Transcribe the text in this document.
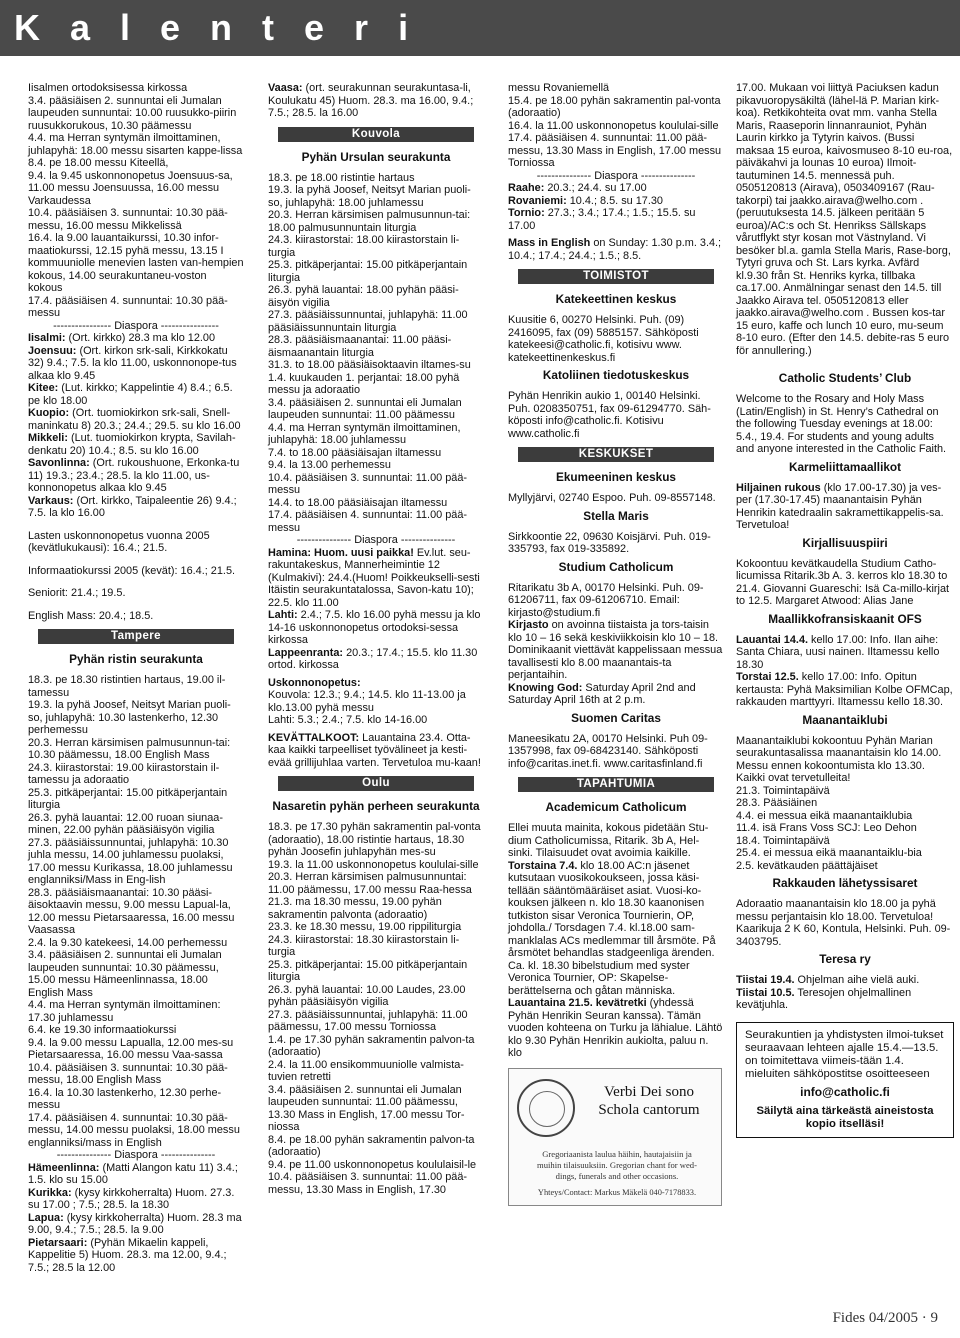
K a l e n t e r i

Iisalmen ortodoksisessa kirkossa

3.4. pääsiäisen 2. sunnuntai eli Jumalan laupeuden sunnuntai: 10.00 ruusukko-piirin ruusukkorukous, 10.30 päämessu

4.4. ma Herran syntymän ilmoittaminen, juhlapyhä: 18.00 messu sisarten kappe-lissa

8.4. pe 18.00 messu Kiteellä,

9.4. la 9.45 uskonnonopetus Joensuus-sa, 11.00 messu Joensuussa, 16.00 messu Varkaudessa

10.4. pääsiäisen 3. sunnuntai: 10.30 pää-messu, 16.00 messu Mikkelissä

16.4. la 9.00 lauantaikurssi, 10.30 infor-maatiokurssi, 12.15 pyhä messu, 13.15 I kommuuniolle menevien lasten van-hempien kokous, 14.00 seurakuntaneu-voston kokous

17.4. pääsiäisen 4. sunnuntai: 10.30 pää-messu

---------------- Diaspora ----------------

Iisalmi: (Ort. kirkko) 28.3 ma klo 12.00

Joensuu: (Ort. kirkon srk-sali, Kirkkokatu 32) 9.4.; 7.5. la klo 11.00, uskonnonope-tus alkaa klo 9.45

Kitee: (Lut. kirkko; Kappelintie 4) 8.4.; 6.5. pe klo 18.00

Kuopio: (Ort. tuomiokirkon srk-sali, Snell-maninkatu 8) 20.3.; 24.4.; 29.5. su klo 16.00

Mikkeli: (Lut. tuomiokirkon krypta, Savilah-denkatu 20) 10.4.; 8.5. su klo 16.00

Savonlinna: (Ort. rukoushuone, Erkonka-tu 11) 19.3.; 23.4.; 28.5. la klo 11.00, us-konnonopetus alkaa klo 9.45

Varkaus: (Ort. kirkko, Taipaleentie 26) 9.4.; 7.5. la klo 16.00

Lasten uskonnonopetus vuonna 2005 (kevätlukukausi): 16.4.; 21.5.

Informaatiokurssi 2005 (kevät): 16.4.; 21.5.

Seniorit: 21.4.; 19.5.

English Mass: 20.4.; 18.5.

Tampere
Pyhän ristin seurakunta

18.3. pe 18.30 ristintien hartaus, 19.00 il-tamessu

19.3. la pyhä Joosef, Neitsyt Marian puoli-so, juhlapyhä: 10.30 lastenkerho, 12.30 perhemessu

20.3. Herran kärsimisen palmusunnun-tai: 10.30 päämessu, 18.00 English Mass

24.3. kiirastorstai: 19.00 kiirastorstain il-tamessu ja adoraatio

25.3. pitkäperjantai: 15.00 pitkäperjantain liturgia

26.3. pyhä lauantai: 12.00 ruoan siunaa-minen, 22.00 pyhän pääsiäisyön vigilia

27.3. pääsiäissunnuntai, juhlapyhä: 10.30 juhla messu, 14.00 juhlamessu puolaksi, 17.00 messu Kurikassa, 18.00 juhlamessu englanniksi/Mass in Eng-lish

28.3. pääsiäismaanantai: 10.30 pääsi-äisoktaavin messu, 9.00 messu Lapual-la, 12.00 messu Pietarsaaressa, 16.00 messu Vaasassa

2.4. la 9.30 katekeesi, 14.00 perhemessu

3.4. pääsiäisen 2. sunnuntai eli Jumalan laupeuden sunnuntai: 10.30 päämessu, 15.00 messu Hämeenlinnassa, 18.00 English Mass

4.4. ma Herran syntymän ilmoittaminen: 17.30 juhlamessu

6.4. ke 19.30 informaatiokurssi

9.4. la 9.00 messu Lapualla, 12.00 mes-su Pietarsaaressa, 16.00 messu Vaa-sassa

10.4. pääsiäisen 3. sunnuntai: 10.30 pää-messu, 18.00 English Mass

16.4. la 10.30 lastenkerho, 12.30 perhe-messu

17.4. pääsiäisen 4. sunnuntai: 10.30 pää-messu, 14.00 messu puolaksi, 18.00 messu englanniksi/mass in English

--------------- Diaspora ---------------

Hämeenlinna: (Matti Alangon katu 11) 3.4.; 1.5. klo su 15.00

Kurikka: (kysy kirkkoherralta) Huom. 27.3. su 17.00 ; 7.5.; 28.5. la 18.30

Lapua: (kysy kirkkoherralta) Huom. 28.3 ma 9.00, 9.4.; 7.5.; 28.5. la 9.00

Pietarsaari: (Pyhän Mikaelin kappeli, Kappelitie 5) Huom. 28.3. ma 12.00, 9.4.; 7.5.; 28.5 la 12.00

Vaasa: (ort. seurakunnan seurakuntasa-li, Koulukatu 45) Huom. 28.3. ma 16.00, 9.4.; 7.5.; 28.5. la 16.00

Kouvola
Pyhän Ursulan seurakunta

18.3. pe 18.00 ristintie hartaus

19.3. la pyhä Joosef, Neitsyt Marian puoli-so, juhlapyhä: 18.00 juhlamessu

20.3. Herran kärsimisen palmusunnun-tai: 18.00 palmusunnuntain liturgia

24.3. kiirastorstai: 18.00 kiirastorstain li-turgia

25.3. pitkäperjantai: 15.00 pitkäperjantain liturgia

26.3. pyhä lauantai: 18.00 pyhän pääsi-äisyön vigilia

27.3. pääsiäissunnuntai, juhlapyhä: 11.00 pääsiäissunnuntain liturgia

28.3. pääsiäismaanantai: 11.00 pääsi-äismaanantain liturgia

31.3. to 18.00 pääsiäisoktaavin iltames-su

1.4. kuukauden 1. perjantai: 18.00 pyhä messu ja adoraatio

3.4. pääsiäisen 2. sunnuntai eli Jumalan laupeuden sunnuntai: 11.00 päämessu

4.4. ma Herran syntymän ilmoittaminen, juhlapyhä: 18.00 juhlamessu

7.4. to 18.00 pääsiäisajan iltamessu

9.4. la 13.00 perhemessu

10.4. pääsiäisen 3. sunnuntai: 11.00 pää-messu

14.4. to 18.00 pääsiäisajan iltamessu

17.4. pääsiäisen 4. sunnuntai: 11.00 pää-messu

--------------- Diaspora ---------------

Hamina: Huom. uusi paikka! Ev.lut. seu-rakuntakeskus, Mannerheimintie 12 (Kulmakivi): 24.4.(Huom! Poikkeukselli-sesti Itäistin seurakuntatalossa, Savon-katu 10); 22.5. klo 11.00

Lahti: 2.4.; 7.5. klo 16.00 pyhä messu ja klo 14-16 uskonnonopetus ortodoksi-sessa kirkossa

Lappeenranta: 20.3.; 17.4.; 15.5. klo 11.30 ortod. kirkossa

Uskonnonopetus:

Kouvola: 12.3.; 9.4.; 14.5. klo 11-13.00 ja klo.13.00 pyhä messu

Lahti: 5.3.; 2.4.; 7.5. klo 14-16.00

KEVÄTTALKOOT: Lauantaina 23.4. Otta-kaa kaikki tarpeelliset työvälineet ja kesti-evää grillijuhlaa varten. Tervetuloa mu-kaan!

Oulu
Nasaretin pyhän perheen seurakunta

18.3. pe 17.30 pyhän sakramentin pal-vonta (adoraatio), 18.00 ristintie hartaus, 18.30 pyhän Joosefin juhlapyhän mes-su

19.3. la 11.00 uskonnonopetus koululai-sille

20.3. Herran kärsimisen palmusunnuntai: 11.00 päämessu, 17.00 messu Raa-hessa

21.3. ma 18.30 messu, 19.00 pyhän sakramentin palvonta (adoraatio)

23.3. ke 18.30 messu, 19.00 rippiliturgia

24.3. kiirastorstai: 18.30 kiirastorstain li-turgia

25.3. pitkäperjantai: 15.00 pitkäperjantain liturgia

26.3. pyhä lauantai: 10.00 Laudes, 23.00 pyhän pääsiäisyön vigilia

27.3. pääsiäissunnuntai, juhlapyhä: 11.00 päämessu, 17.00 messu Torniossa

1.4. pe 17.30 pyhän sakramentin palvon-ta (adoraatio)

2.4. la 11.00 ensikommuuniolle valmista-tuvien retretti

3.4. pääsiäisen 2. sunnuntai eli Jumalan laupeuden sunnuntai: 11.00 päämessu, 13.30 Mass in English, 17.00 messu Tor-niossa

8.4. pe 18.00 pyhän sakramentin palvon-ta (adoraatio)

9.4. pe 11.00 uskonnonopetus koululaisil-le

10.4. pääsiäisen 3. sunnuntai: 11.00 pää-messu, 13.30 Mass in English, 17.30

messu Rovaniemellä

15.4. pe 18.00 pyhän sakramentin pal-vonta (adoraatio)

16.4. la 11.00 uskonnonopetus koululai-sille

17.4. pääsiäisen 4. sunnuntai: 11.00 pää-messu, 13.30 Mass in English, 17.00 messu Torniossa

--------------- Diaspora ---------------

Raahe: 20.3.; 24.4. su 17.00

Rovaniemi: 10.4.; 8.5. su 17.30

Tornio: 27.3.; 3.4.; 17.4.; 1.5.; 15.5. su 17.00

Mass in English on Sunday: 1.30 p.m. 3.4.; 10.4.; 17.4.; 24.4.; 1.5.; 8.5.

TOIMISTOT
Katekeettinen keskus

Kuusitie 6, 00270 Helsinki. Puh. (09) 2416095, fax (09) 5885157. Sähköposti katekeesi@catholic.fi, kotisivu www. katekeettinenkeskus.fi

Katoliinen tiedotuskeskus

Pyhän Henrikin aukio 1, 00140 Helsinki. Puh. 0208350751, fax 09-61294770. Säh-köposti info@catholic.fi. Kotisivu www.catholic.fi

KESKUKSET
Ekumeeninen keskus

Myllyjärvi, 02740 Espoo. Puh. 09-8557148.

Stella Maris

Sirkkoontie 22, 09630 Koisjärvi. Puh. 019-335793, fax 019-335892.

Studium Catholicum

Ritarikatu 3b A, 00170 Helsinki. Puh. 09-61206711, fax 09-61206710. Email: kirjasto@studium.fi

Kirjasto on avoinna tiistaista ja tors-taisin klo 10 – 16 sekä keskiviikkoisin klo 10 – 18.

Dominikaanit viettävät kappelissaan messua tavallisesti klo 8.00 maanantais-ta perjantaihin.

Knowing God: Saturday April 2nd and Saturday April 16th at 2 p.m.

Suomen Caritas

Maneesikatu 2A, 00170 Helsinki. Puh 09-1357998, fax 09-68423140. Sähköposti info@caritas.inet.fi. www.caritasfinland.fi

TAPAHTUMIA
Academicum Catholicum

Ellei muuta mainita, kokous pidetään Stu-dium Catholicumissa, Ritarik. 3b A, Hel-sinki. Tilaisuudet ovat avoimia kaikille.

Torstaina 7.4. klo 18.00 AC:n jäsenet kutsutaan vuosikokoukseen, jossa käsi-tellään sääntömääräiset asiat. Vuosi-ko-kouksen jälkeen n. klo 18.30 kaanonisen tutkiston sisar Veronica Tournierin, OP, johdolla./ Torsdagen 7.4. kl.18.00 sam-manklalas ACs medlemmar till årsmöte. På årsmötet behandlas stadgeenliga ärenden. Ca. kl. 18.30 bibelstudium med syster Veronica Tournier, OP: Skapelse-berättelserna och gåtan människa.

Lauantaina 21.5. kevätretki (yhdessä Pyhän Henrikin Seuran kanssa). Tämän vuoden kohteena on Turku ja lähialue. Lähtö klo 9.30 Pyhän Henrikin aukiolta, paluu n. klo

Verbi Dei sono
Schola cantorum
Gregoriaanista laulua häihin, hautajaisiin ja
muihin tilaisuuksiin. Gregorian chant for wed-
dings, funerals and other occasions.
Yhteys/Contact: Markus Mäkelä 040-7178833.

17.00. Mukaan voi liittyä Paciuksen kadun pikavuoropysäkiltä (lähel-lä P. Marian kirk-koa). Retkikohteita ovat mm. vanha Stella Maris, Raaseporin linnanrauniot, Pyhän Laurin kirkko ja Tytyrin kaivos. (Bussi maksaa 15 euroa, kaivosmuseo 8-10 eu-roa, päiväkahvi ja lounas 10 euroa) Ilmoit-tautuminen 14.5. mennessä puh. 0505120813 (Airava), 0503409167 (Rau-takorpi) tai jaakko.airava@welho.com . (peruutuksesta 14.5. jälkeen peritään 5 euroa)/AC:s och St. Henrikss Sällskaps vårutflykt styr kosan mot Västnyland. Vi besöker bl.a. gamla Stella Maris, Rase-borg, Tytyri gruva och St. Lars kyrka. Avfärd kl.9.30 från St. Henriks kyrka, tillbaka ca.17.00. Anmälningar senast den 14.5. till Jaakko Airava tel. 0505120813 eller jaakko.airava@welho.com . Bussen kos-tar 15 euro, kaffe och lunch 10 euro, mu-seum 8-10 euro. (Efter den 14.5. debite-ras 5 euro för annullering.)

Catholic Students’ Club

Welcome to the Rosary and Holy Mass (Latin/English) in St. Henry’s Cathedral on the following Tuesday evenings at 18.00: 5.4., 19.4. For students and young adults and anyone interested in the Catholic Faith.

Karmeliittamaallikot

Hiljainen rukous (klo 17.00-17.30) ja ves-per (17.30-17.45) maanantaisin Pyhän Henrikin katedraalin sakramettikappelis-sa. Tervetuloa!

Kirjallisuuspiiri

Kokoontuu kevätkaudella Studium Catho-licumissa Ritarik.3b A. 3. kerros klo 18.30 to 21.4. Giovanni Guareschi: Isä Ca-millo-kirjat to 12.5. Margaret Atwood: Alias Jane

Maallikkofransiskaanit OFS

Lauantai 14.4. kello 17.00: Info. Ilan aihe: Santa Chiara, uusi nainen. Iltamessu kello 18.30

Torstai 12.5. kello 17.00: Info. Opitun kertausta: Pyhä Maksimilian Kolbe OFMCap, rakkauden marttyyri. Iltamessu kello 18.30.

Maanantaiklubi

Maanantaiklubi kokoontuu Pyhän Marian seurakuntasalissa maanantaisin klo 14.00. Messu ennen kokoontumista klo 13.30. Kaikki ovat tervetulleita!

21.3. Toimintapäivä

28.3. Pääsiäinen

4.4. ei messua eikä maanantaiklubia

11.4. isä Frans Voss SCJ: Leo Dehon

18.4. Toimintapäivä

25.4. ei messua eikä maanantaiklu-bia

2.5. kevätkauden päättäjäiset

Rakkauden lähetyssisaret

Adoraatio maanantaisin klo 18.00 ja pyhä messu perjantaisin klo 18.00. Tervetuloa! Kaarikuja 2 K 60, Kontula, Helsinki. Puh. 09-3403795.

Teresa ry

Tiistai 19.4. Ohjelman aihe vielä auki.

Tiistai 10.5. Teresojen ohjelmallinen kevätjuhla.

Seurakuntien ja yhdistysten ilmoi-tukset seuraavaan lehteen ajalle 15.4.—13.5. on toimitettava viimeis-tään 1.4. mieluiten sähköpostitse osoitteeseen
info@catholic.fi
Säilytä aina tärkeästä aineistosta kopio itselläsi!
Fides 04/2005 · 9
